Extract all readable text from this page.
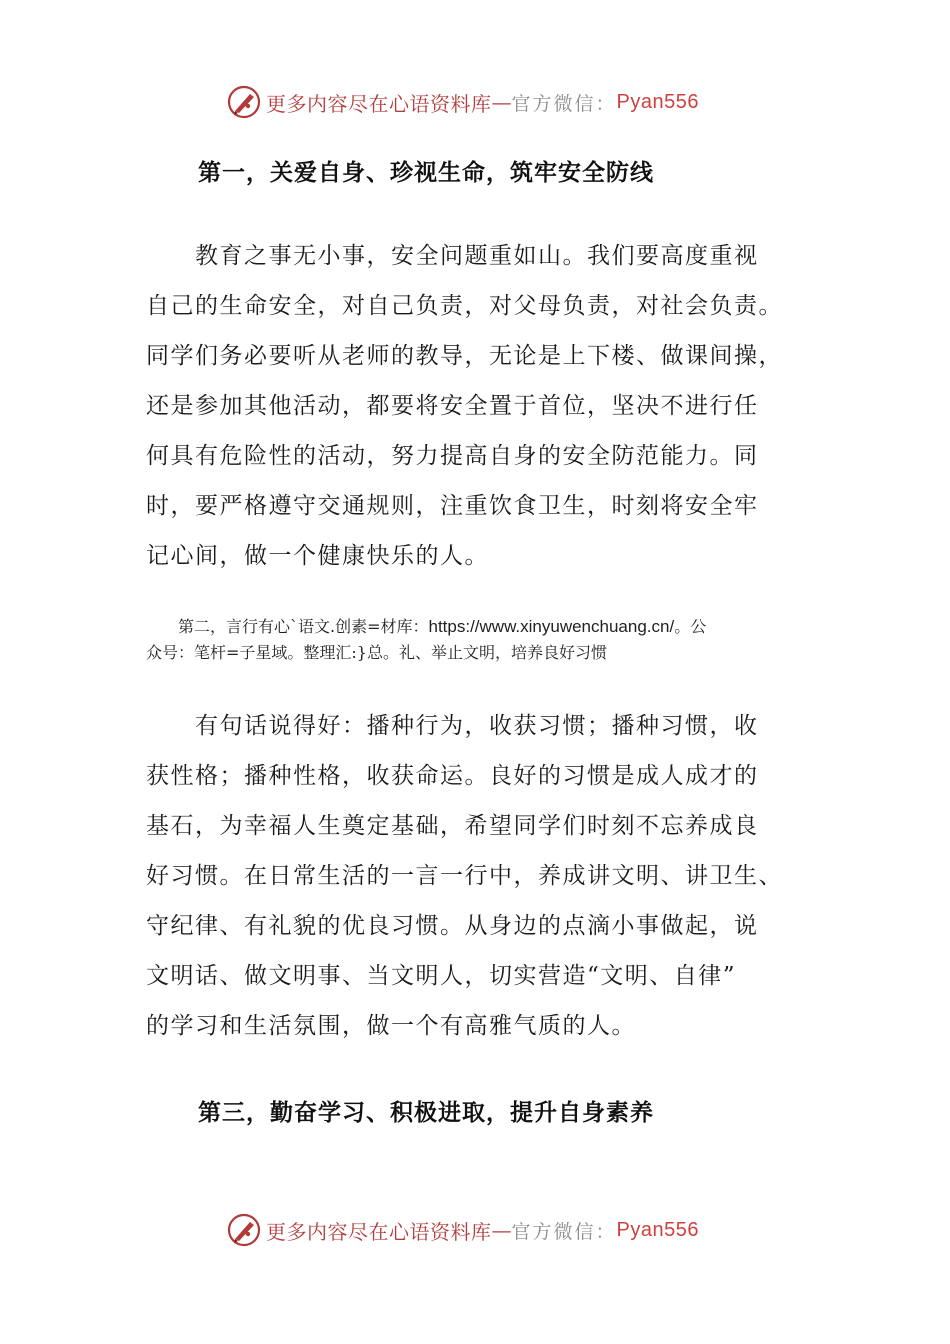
更多内容尽在心语资料库 — 官方微信： Pyan556
第一，关爱自身、珍视生命，筑牢安全防线

　　教育之事无小事，安全问题重如山。我们要高度重视
自己的生命安全，对自己负责，对父母负责，对社会负责。
同学们务必要听从老师的教导，无论是上下楼、做课间操，
还是参加其他活动，都要将安全置于首位，坚决不进行任
何具有危险性的活动，努力提高自身的安全防范能力。同
时，要严格遵守交通规则，注重饮食卫生，时刻将安全牢
记心间，做一个健康快乐的人。

　　第二，言行有心`语文.创素=材库：https://www.xinyuwenchuang.cn/。公
众号：笔杆=子星域。整理汇:}总。礼、举止文明，培养良好习惯

　　有句话说得好：播种行为，收获习惯；播种习惯，收
获性格；播种性格，收获命运。良好的习惯是成人成才的
基石，为幸福人生奠定基础，希望同学们时刻不忘养成良
好习惯。在日常生活的一言一行中，养成讲文明、讲卫生、
守纪律、有礼貌的优良习惯。从身边的点滴小事做起，说
文明话、做文明事、当文明人，切实营造“文明、自律”
的学习和生活氛围，做一个有高雅气质的人。

第三，勤奋学习、积极进取，提升自身素养
更多内容尽在心语资料库 — 官方微信： Pyan556
